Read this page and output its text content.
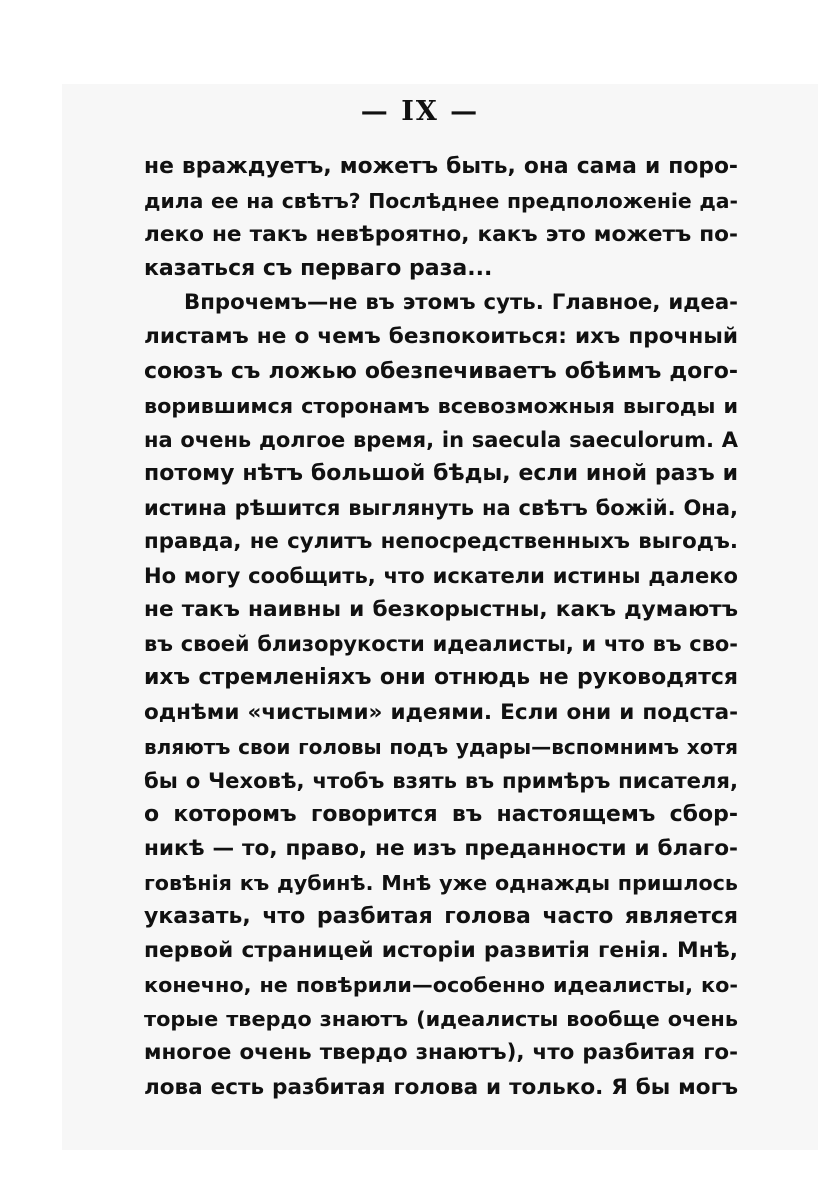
— IX —
не враждуетъ, можетъ быть, она сама и поро-
дила ее на свѣтъ? Послѣднее предположенiе да-
леко не такъ невѣроятно, какъ это можетъ по-
казаться съ перваго раза...
Впрочемъ—не въ этомъ суть. Главное, идеа-
листамъ не о чемъ безпокоиться: ихъ прочный
союзъ съ ложью обезпечиваетъ обѣимъ дого-
ворившимся сторонамъ всевозможныя выгоды и
на очень долгое время, in saecula saeculorum. А
потому нѣтъ большой бѣды, если иной разъ и
истина рѣшится выглянуть на свѣтъ божiй. Она,
правда, не сулитъ непосредственныхъ выгодъ.
Но могу сообщить, что искатели истины далеко
не такъ наивны и безкорыстны, какъ думаютъ
въ своей близорукости идеалисты, и что въ сво-
ихъ стремленiяхъ они отнюдь не руководятся
однѣми «чистыми» идеями. Если они и подста-
вляютъ свои головы подъ удары—вспомнимъ хотя
бы о Чеховѣ, чтобъ взять въ примѣръ писателя,
о которомъ говорится въ настоящемъ сбор-
никѣ — то, право, не изъ преданности и благо-
говѣнiя къ дубинѣ. Мнѣ уже однажды пришлось
указать, что разбитая голова часто является
первой страницей исторiи развитiя генiя. Мнѣ,
конечно, не повѣрили—особенно идеалисты, ко-
торые твердо знаютъ (идеалисты вообще очень
многое очень твердо знаютъ), что разбитая го-
лова есть разбитая голова и только. Я бы могъ
